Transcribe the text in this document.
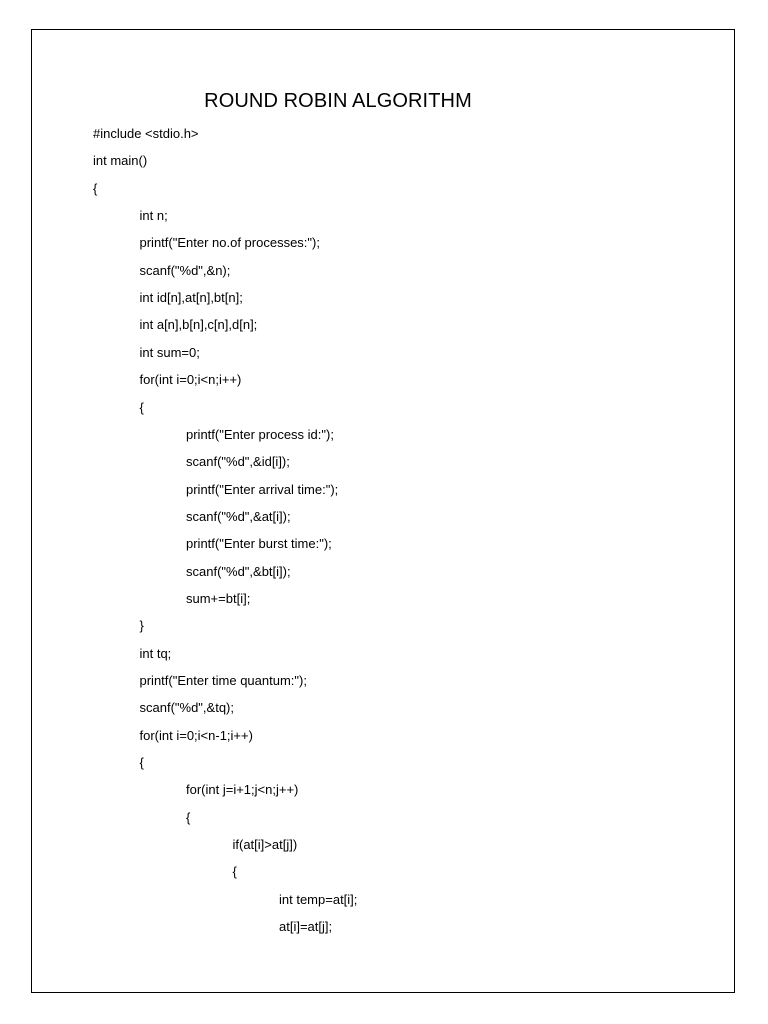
ROUND ROBIN ALGORITHM
#include <stdio.h>
int main()
{
int n;
printf("Enter no.of processes:");
scanf("%d",&n);
int id[n],at[n],bt[n];
int a[n],b[n],c[n],d[n];
int sum=0;
for(int i=0;i<n;i++)
{
printf("Enter process id:");
scanf("%d",&id[i]);
printf("Enter arrival time:");
scanf("%d",&at[i]);
printf("Enter burst time:");
scanf("%d",&bt[i]);
sum+=bt[i];
}
int tq;
printf("Enter time quantum:");
scanf("%d",&tq);
for(int i=0;i<n-1;i++)
{
for(int j=i+1;j<n;j++)
{
if(at[i]>at[j])
{
int temp=at[i];
at[i]=at[j];
